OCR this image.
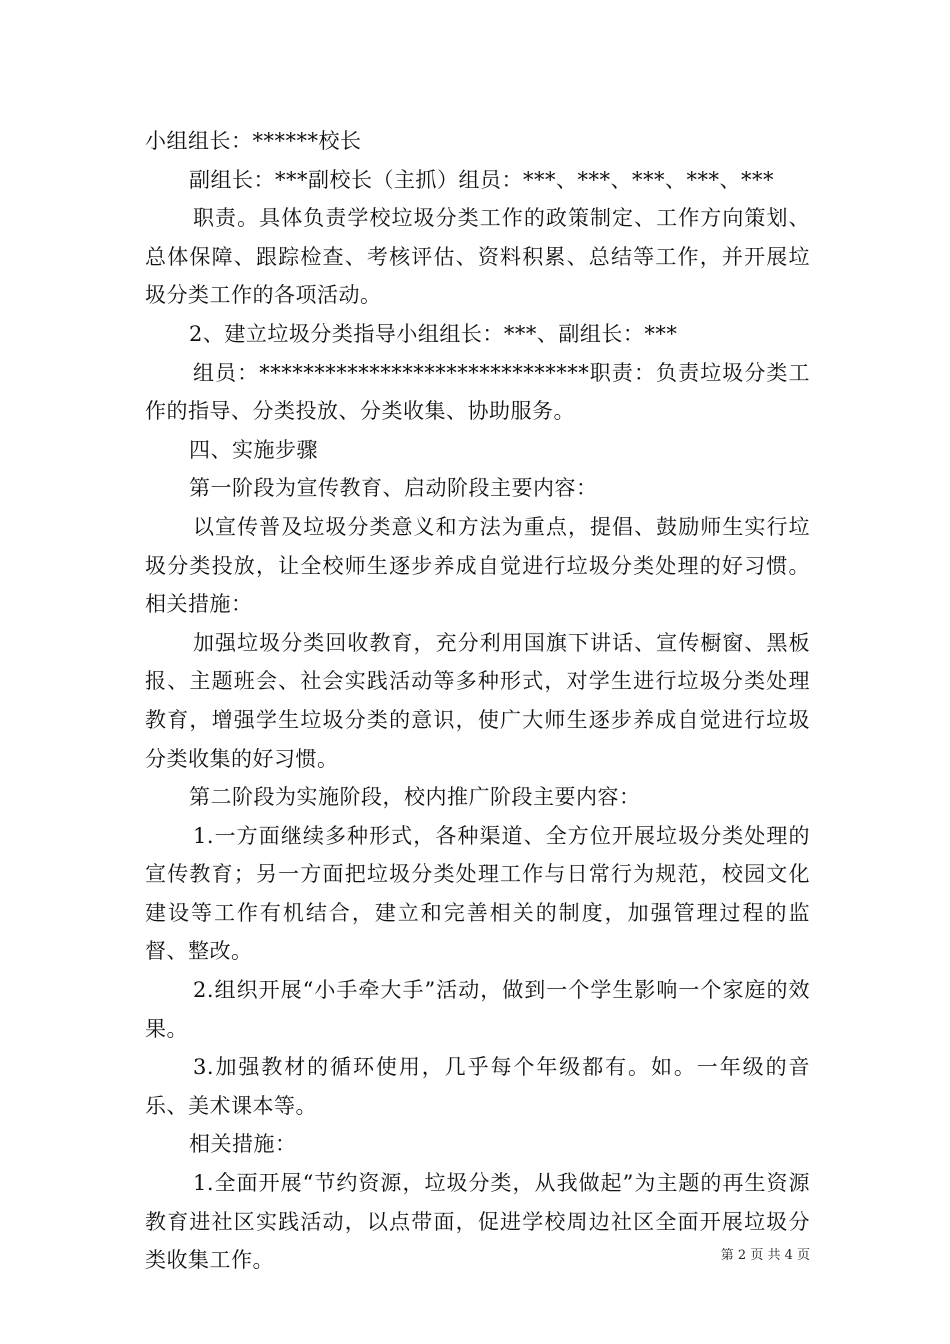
小组组长：******校长

副组长：***副校长（主抓）组员：***、***、***、***、***

职责。具体负责学校垃圾分类工作的政策制定、工作方向策划、总体保障、跟踪检查、考核评估、资料积累、总结等工作，并开展垃圾分类工作的各项活动。

2、建立垃圾分类指导小组组长：***、副组长：***

组员：******************************职责：负责垃圾分类工作的指导、分类投放、分类收集、协助服务。

四、实施步骤

第一阶段为宣传教育、启动阶段主要内容：

以宣传普及垃圾分类意义和方法为重点，提倡、鼓励师生实行垃圾分类投放，让全校师生逐步养成自觉进行垃圾分类处理的好习惯。相关措施：

加强垃圾分类回收教育，充分利用国旗下讲话、宣传橱窗、黑板报、主题班会、社会实践活动等多种形式，对学生进行垃圾分类处理教育，增强学生垃圾分类的意识，使广大师生逐步养成自觉进行垃圾分类收集的好习惯。

第二阶段为实施阶段，校内推广阶段主要内容：

1.一方面继续多种形式，各种渠道、全方位开展垃圾分类处理的宣传教育；另一方面把垃圾分类处理工作与日常行为规范，校园文化建设等工作有机结合，建立和完善相关的制度，加强管理过程的监督、整改。

2.组织开展“小手牵大手”活动，做到一个学生影响一个家庭的效果。

3.加强教材的循环使用，几乎每个年级都有。如。一年级的音乐、美术课本等。

相关措施：

1.全面开展“节约资源，垃圾分类，从我做起”为主题的再生资源教育进社区实践活动，以点带面，促进学校周边社区全面开展垃圾分类收集工作。	第 2 页 共 4 页
